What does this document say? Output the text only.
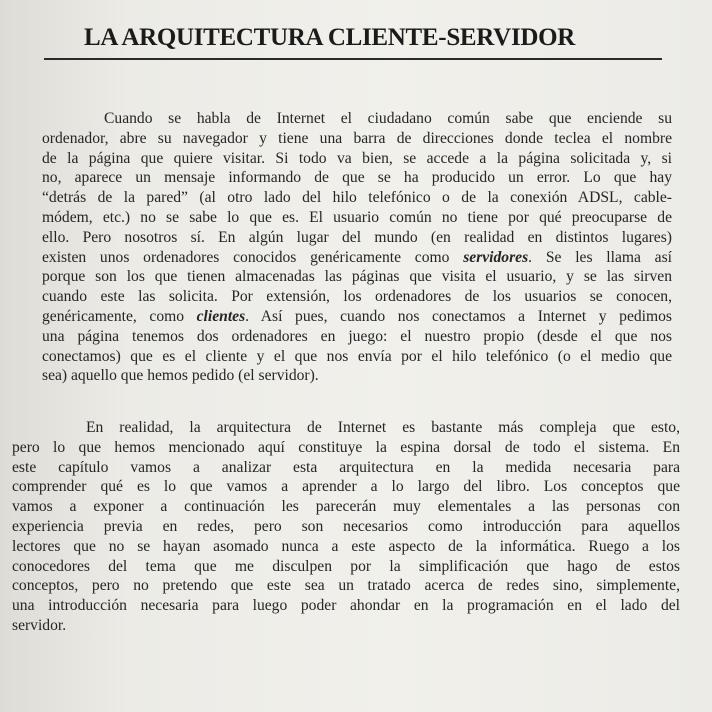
LA ARQUITECTURA CLIENTE-SERVIDOR

Cuando se habla de Internet el ciudadano común sabe que enciende su
ordenador, abre su navegador y tiene una barra de direcciones donde teclea el nombre
de la página que quiere visitar. Si todo va bien, se accede a la página solicitada y, si
no, aparece un mensaje informando de que se ha producido un error. Lo que hay
“detrás de la pared” (al otro lado del hilo telefónico o de la conexión ADSL, cable-
módem, etc.) no se sabe lo que es. El usuario común no tiene por qué preocuparse de
ello. Pero nosotros sí. En algún lugar del mundo (en realidad en distintos lugares)
existen unos ordenadores conocidos genéricamente como servidores. Se les llama así
porque son los que tienen almacenadas las páginas que visita el usuario, y se las sirven
cuando este las solicita. Por extensión, los ordenadores de los usuarios se conocen,
genéricamente, como clientes. Así pues, cuando nos conectamos a Internet y pedimos
una página tenemos dos ordenadores en juego: el nuestro propio (desde el que nos
conectamos) que es el cliente y el que nos envía por el hilo telefónico (o el medio que
sea) aquello que hemos pedido (el servidor).

En realidad, la arquitectura de Internet es bastante más compleja que esto,
pero lo que hemos mencionado aquí constituye la espina dorsal de todo el sistema. En
este capítulo vamos a analizar esta arquitectura en la medida necesaria para
comprender qué es lo que vamos a aprender a lo largo del libro. Los conceptos que
vamos a exponer a continuación les parecerán muy elementales a las personas con
experiencia previa en redes, pero son necesarios como introducción para aquellos
lectores que no se hayan asomado nunca a este aspecto de la informática. Ruego a los
conocedores del tema que me disculpen por la simplificación que hago de estos
conceptos, pero no pretendo que este sea un tratado acerca de redes sino, simplemente,
una introducción necesaria para luego poder ahondar en la programación en el lado del
servidor.
